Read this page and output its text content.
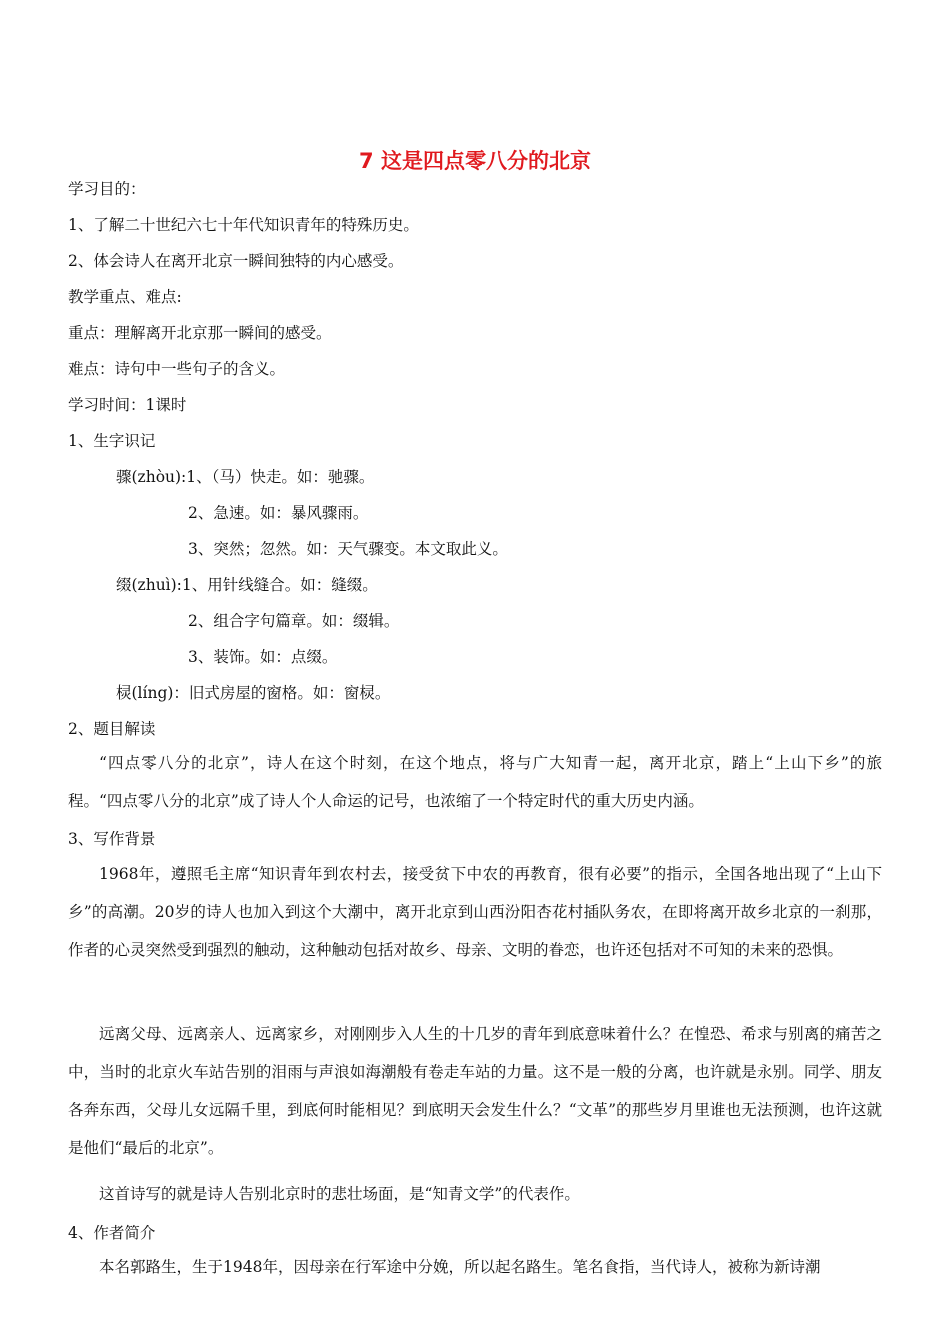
7 这是四点零八分的北京
学习目的：
1、了解二十世纪六七十年代知识青年的特殊历史。
2、体会诗人在离开北京一瞬间独特的内心感受。
教学重点、难点:
重点：理解离开北京那一瞬间的感受。
难点：诗句中一些句子的含义。
学习时间：1课时
1、生字识记
骤(zhòu):1、（马）快走。如：驰骤。
2、急速。如：暴风骤雨。
3、突然；忽然。如：天气骤变。本文取此义。
缀(zhuì):1、用针线缝合。如：缝缀。
2、组合字句篇章。如：缀辑。
3、装饰。如：点缀。
棂(líng)：旧式房屋的窗格。如：窗棂。
2、题目解读
“四点零八分的北京”，诗人在这个时刻，在这个地点，将与广大知青一起，离开北京，踏上“上山下乡”的旅程。“四点零八分的北京”成了诗人个人命运的记号，也浓缩了一个特定时代的重大历史内涵。
3、写作背景
1968年，遵照毛主席“知识青年到农村去，接受贫下中农的再教育，很有必要”的指示，全国各地出现了“上山下乡”的高潮。20岁的诗人也加入到这个大潮中，离开北京到山西汾阳杏花村插队务农，在即将离开故乡北京的一刹那，作者的心灵突然受到强烈的触动，这种触动包括对故乡、母亲、文明的眷恋，也许还包括对不可知的未来的恐惧。
远离父母、远离亲人、远离家乡，对刚刚步入人生的十几岁的青年到底意味着什么？在惶恐、希求与别离的痛苦之中，当时的北京火车站告别的泪雨与声浪如海潮般有卷走车站的力量。这不是一般的分离，也许就是永别。同学、朋友各奔东西，父母儿女远隔千里，到底何时能相见？到底明天会发生什么？“文革”的那些岁月里谁也无法预测，也许这就是他们“最后的北京”。
这首诗写的就是诗人告别北京时的悲壮场面，是“知青文学”的代表作。
4、作者简介
本名郭路生，生于1948年，因母亲在行军途中分娩，所以起名路生。笔名食指，当代诗人，被称为新诗潮
